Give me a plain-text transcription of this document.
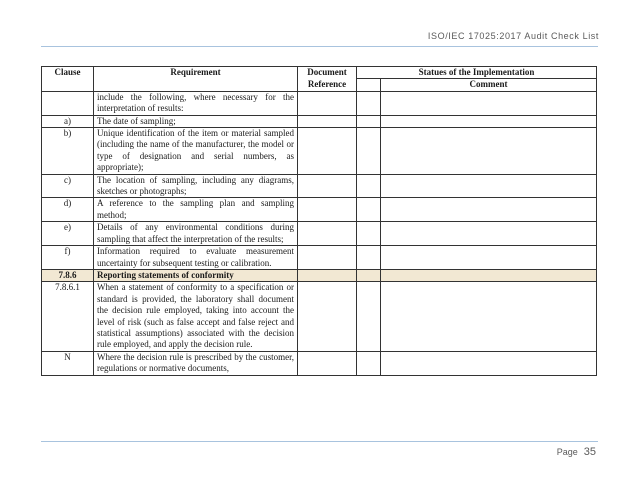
ISO/IEC 17025:2017 Audit Check List
Clause	Requirement	Document	Statues of the Implementation	
		Reference		Comment
	include the following, where necessary for the interpretation of results:			
a)	The date of sampling;			
b)	Unique identification of the item or material sampled (including the name of the manufacturer, the model or type of designation and serial numbers, as appropriate);			
c)	The location of sampling, including any diagrams, sketches or photographs;			
d)	A reference to the sampling plan and sampling method;			
e)	Details of any environmental conditions during sampling that affect the interpretation of the results;			
f)	Information required to evaluate measurement uncertainty for subsequent testing or calibration.			
7.8.6	Reporting statements of conformity			
7.8.6.1	When a statement of conformity to a specification or standard is provided, the laboratory shall document the decision rule employed, taking into account the level of risk (such as false accept and false reject and statistical assumptions) associated with the decision rule employed, and apply the decision rule.			
N	Where the decision rule is prescribed by the customer, regulations or normative documents,			
Page 35
